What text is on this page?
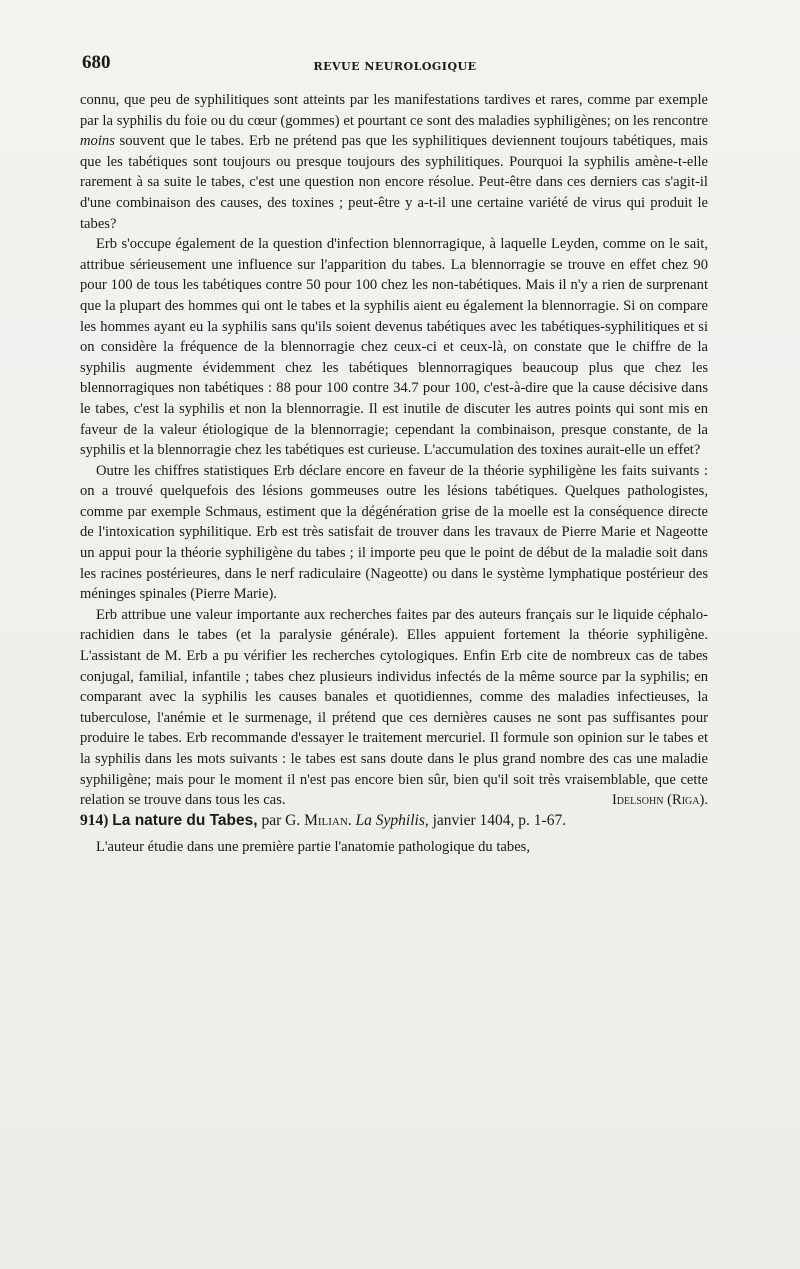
680	REVUE NEUROLOGIQUE

connu, que peu de syphilitiques sont atteints par les manifestations tardives et rares, comme par exemple par la syphilis du foie ou du cœur (gommes) et pourtant ce sont des maladies syphiligènes; on les rencontre moins souvent que le tabes. Erb ne prétend pas que les syphilitiques deviennent toujours tabétiques, mais que les tabétiques sont toujours ou presque toujours des syphilitiques. Pourquoi la syphilis amène-t-elle rarement à sa suite le tabes, c'est une question non encore résolue. Peut-être dans ces derniers cas s'agit-il d'une combinaison des causes, des toxines ; peut-être y a-t-il une certaine variété de virus qui produit le tabes?

Erb s'occupe également de la question d'infection blennorragique, à laquelle Leyden, comme on le sait, attribue sérieusement une influence sur l'apparition du tabes. La blennorragie se trouve en effet chez 90 pour 100 de tous les tabétiques contre 50 pour 100 chez les non-tabétiques. Mais il n'y a rien de surprenant que la plupart des hommes qui ont le tabes et la syphilis aient eu également la blennorragie. Si on compare les hommes ayant eu la syphilis sans qu'ils soient devenus tabétiques avec les tabétiques-syphilitiques et si on considère la fréquence de la blennorragie chez ceux-ci et ceux-là, on constate que le chiffre de la syphilis augmente évidemment chez les tabétiques blennorragiques beaucoup plus que chez les blennorragiques non tabétiques : 88 pour 100 contre 34.7 pour 100, c'est-à-dire que la cause décisive dans le tabes, c'est la syphilis et non la blennorragie. Il est inutile de discuter les autres points qui sont mis en faveur de la valeur étiologique de la blennorragie; cependant la combinaison, presque constante, de la syphilis et la blennorragie chez les tabétiques est curieuse. L'accumulation des toxines aurait-elle un effet?

Outre les chiffres statistiques Erb déclare encore en faveur de la théorie syphiligène les faits suivants : on a trouvé quelquefois des lésions gommeuses outre les lésions tabétiques. Quelques pathologistes, comme par exemple Schmaus, estiment que la dégénération grise de la moelle est la conséquence directe de l'intoxication syphilitique. Erb est très satisfait de trouver dans les travaux de Pierre Marie et Nageotte un appui pour la théorie syphiligène du tabes ; il importe peu que le point de début de la maladie soit dans les racines postérieures, dans le nerf radiculaire (Nageotte) ou dans le système lymphatique postérieur des méninges spinales (Pierre Marie).

Erb attribue une valeur importante aux recherches faites par des auteurs français sur le liquide céphalo-rachidien dans le tabes (et la paralysie générale). Elles appuient fortement la théorie syphiligène. L'assistant de M. Erb a pu vérifier les recherches cytologiques. Enfin Erb cite de nombreux cas de tabes conjugal, familial, infantile ; tabes chez plusieurs individus infectés de la même source par la syphilis; en comparant avec la syphilis les causes banales et quotidiennes, comme des maladies infectieuses, la tuberculose, l'anémie et le surmenage, il prétend que ces dernières causes ne sont pas suffisantes pour produire le tabes. Erb recommande d'essayer le traitement mercuriel. Il formule son opinion sur le tabes et la syphilis dans les mots suivants : le tabes est sans doute dans le plus grand nombre des cas une maladie syphiligène; mais pour le moment il n'est pas encore bien sûr, bien qu'il soit très vraisemblable, que cette relation se trouve dans tous les cas.	Idelsohn (Riga).

914) La nature du Tabes, par G. Milian. La Syphilis, janvier 1404, p. 1-67.

L'auteur étudie dans une première partie l'anatomie pathologique du tabes,
